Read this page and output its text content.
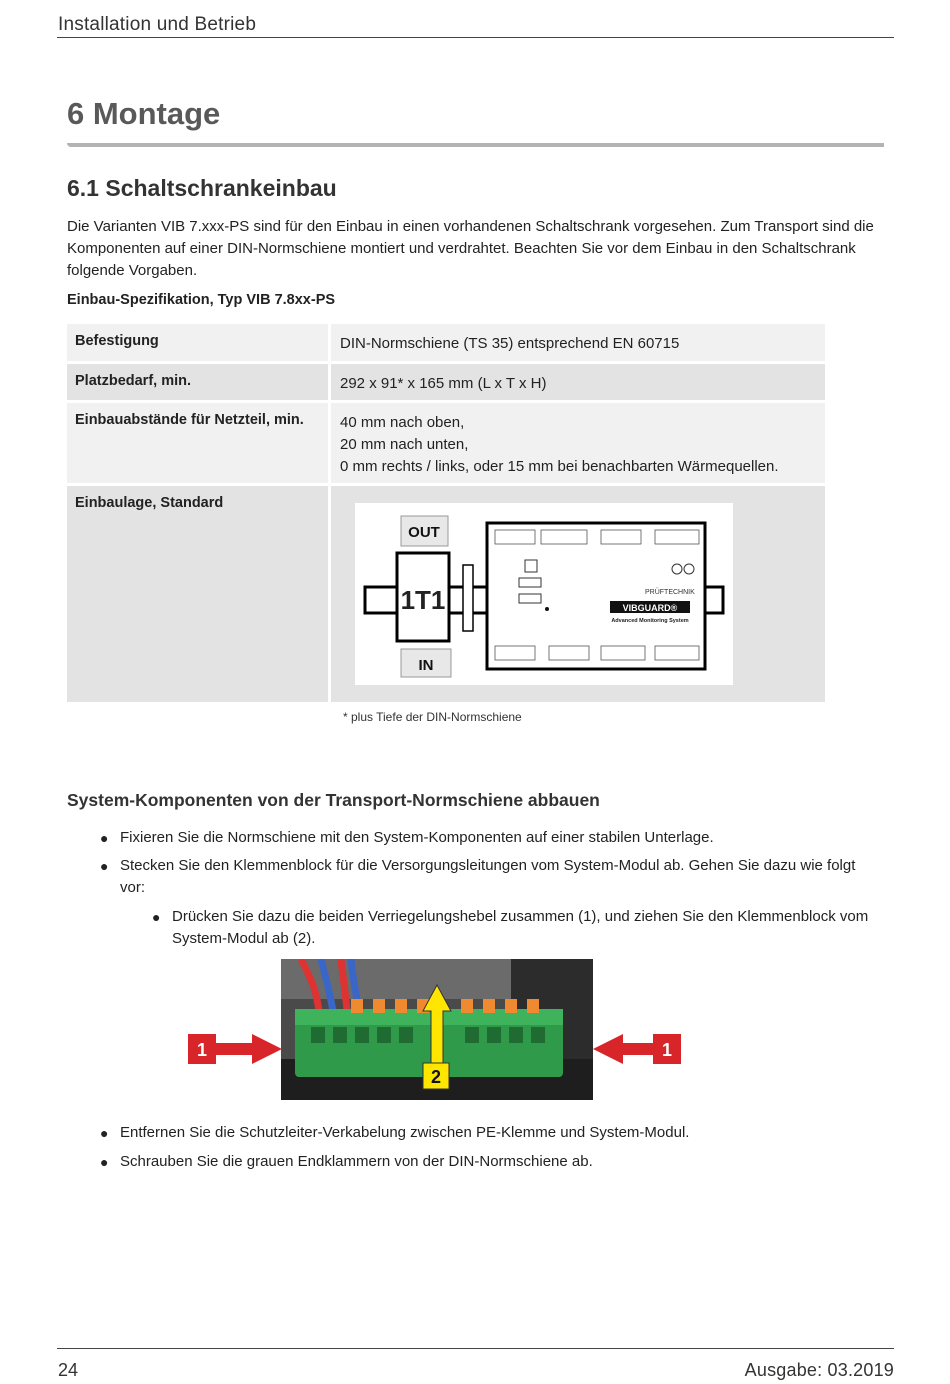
Installation und Betrieb
6 Montage
6.1 Schaltschrankeinbau
Die Varianten VIB 7.xxx-PS sind für den Einbau in einen vorhandenen Schaltschrank vorgesehen. Zum Transport sind die Komponenten auf einer DIN-Normschiene montiert und verdrahtet. Beachten Sie vor dem Einbau in den Schaltschrank folgende Vorgaben.
Einbau-Spezifikation, Typ VIB 7.8xx-PS
Befestigung	DIN-Normschiene (TS 35) entsprechend EN 60715
Platzbedarf, min.	292 x 91* x 165 mm (L x T x H)
Einbauabstände für Netzteil, min.	40 mm nach oben,
20 mm nach unten,
0 mm rechts / links, oder 15 mm bei benachbarten Wärmequellen.
Einbaulage, Standard
1T1
OUT
IN
PRÜFTECHNIK
VIBGUARD®
Advanced Monitoring System
* plus Tiefe der DIN-Normschiene
System-Komponenten von der Transport-Normschiene abbauen
● Fixieren Sie die Normschiene mit den System-Komponenten auf einer stabilen Unterlage.
● Stecken Sie den Klemmenblock für die Versorgungsleitungen vom System-Modul ab. Gehen Sie dazu wie folgt vor:
● Drücken Sie dazu die beiden Verriegelungshebel zusammen (1), und ziehen Sie den Klemmenblock vom System-Modul ab (2).
2
1	1
● Entfernen Sie die Schutzleiter-Verkabelung zwischen PE-Klemme und System-Modul.
● Schrauben Sie die grauen Endklammern von der DIN-Normschiene ab.
24	Ausgabe: 03.2019
